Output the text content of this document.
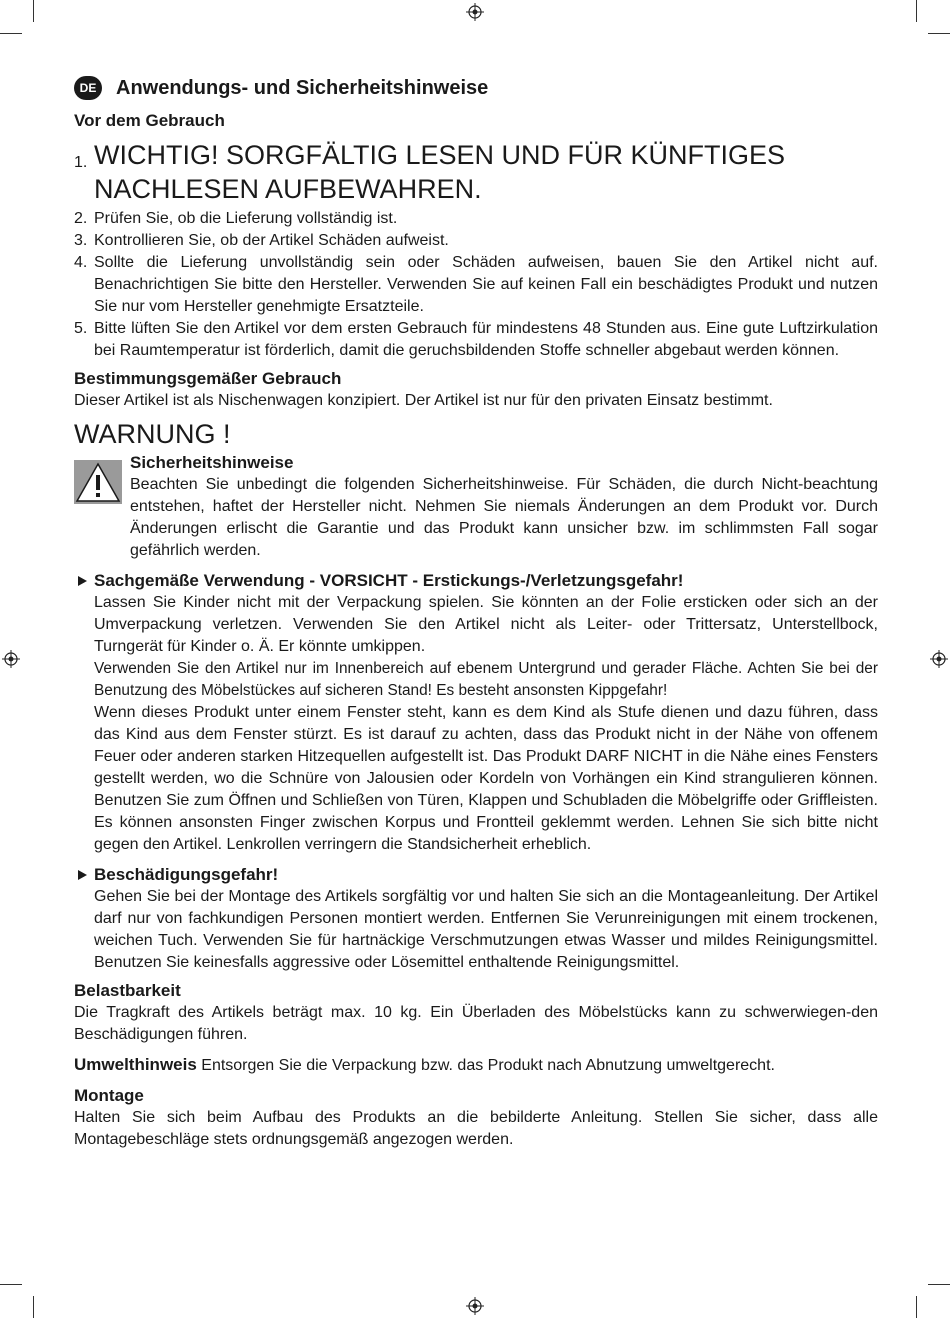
DE Anwendungs- und Sicherheitshinweise
Vor dem Gebrauch
1. WICHTIG! SORGFÄLTIG LESEN UND FÜR KÜNFTIGES NACHLESEN AUFBEWAHREN.

2. Prüfen Sie, ob die Lieferung vollständig ist.

3. Kontrollieren Sie, ob der Artikel Schäden aufweist.

4. Sollte die Lieferung unvollständig sein oder Schäden aufweisen, bauen Sie den Artikel nicht auf. Benachrichtigen Sie bitte den Hersteller. Verwenden Sie auf keinen Fall ein beschädigtes Produkt und nutzen Sie nur vom Hersteller genehmigte Ersatzteile.

5. Bitte lüften Sie den Artikel vor dem ersten Gebrauch für mindestens 48 Stunden aus. Eine gute Luftzirkulation bei Raumtemperatur ist förderlich, damit die geruchsbildenden Stoffe schneller abgebaut werden können.

Bestimmungsgemäßer Gebrauch

Dieser Artikel ist als Nischenwagen konzipiert. Der Artikel ist nur für den privaten Einsatz bestimmt.

WARNUNG !
Sicherheitshinweise

Beachten Sie unbedingt die folgenden Sicherheitshinweise. Für Schäden, die durch Nicht-beachtung entstehen, haftet der Hersteller nicht. Nehmen Sie niemals Änderungen an dem Produkt vor. Durch Änderungen erlischt die Garantie und das Produkt kann unsicher bzw. im schlimmsten Fall sogar gefährlich werden.

Sachgemäße Verwendung - VORSICHT - Erstickungs-/Verletzungsgefahr!

Lassen Sie Kinder nicht mit der Verpackung spielen. Sie könnten an der Folie ersticken oder sich an der Umverpackung verletzen. Verwenden Sie den Artikel nicht als Leiter- oder Trittersatz, Unterstellbock, Turngerät für Kinder o. Ä. Er könnte umkippen.

Verwenden Sie den Artikel nur im Innenbereich auf ebenem Untergrund und gerader Fläche. Achten Sie bei der Benutzung des Möbelstückes auf sicheren Stand! Es besteht ansonsten Kippgefahr!

Wenn dieses Produkt unter einem Fenster steht, kann es dem Kind als Stufe dienen und dazu führen, dass das Kind aus dem Fenster stürzt. Es ist darauf zu achten, dass das Produkt nicht in der Nähe von offenem Feuer oder anderen starken Hitzequellen aufgestellt ist. Das Produkt DARF NICHT in die Nähe eines Fensters gestellt werden, wo die Schnüre von Jalousien oder Kordeln von Vorhängen ein Kind strangulieren können. Benutzen Sie zum Öffnen und Schließen von Türen, Klappen und Schubladen die Möbelgriffe oder Griffleisten. Es können ansonsten Finger zwischen Korpus und Frontteil geklemmt werden. Lehnen Sie sich bitte nicht gegen den Artikel. Lenkrollen verringern die Standsicherheit erheblich.

Beschädigungsgefahr!

Gehen Sie bei der Montage des Artikels sorgfältig vor und halten Sie sich an die Montageanleitung. Der Artikel darf nur von fachkundigen Personen montiert werden. Entfernen Sie Verunreinigungen mit einem trockenen, weichen Tuch. Verwenden Sie für hartnäckige Verschmutzungen etwas Wasser und mildes Reinigungsmittel. Benutzen Sie keinesfalls aggressive oder Lösemittel enthaltende Reinigungsmittel.

Belastbarkeit

Die Tragkraft des Artikels beträgt max. 10 kg. Ein Überladen des Möbelstücks kann zu schwerwiegen-den Beschädigungen führen.

Umwelthinweis Entsorgen Sie die Verpackung bzw. das Produkt nach Abnutzung umweltgerecht.

Montage

Halten Sie sich beim Aufbau des Produkts an die bebilderte Anleitung. Stellen Sie sicher, dass alle Montagebeschläge stets ordnungsgemäß angezogen werden.
